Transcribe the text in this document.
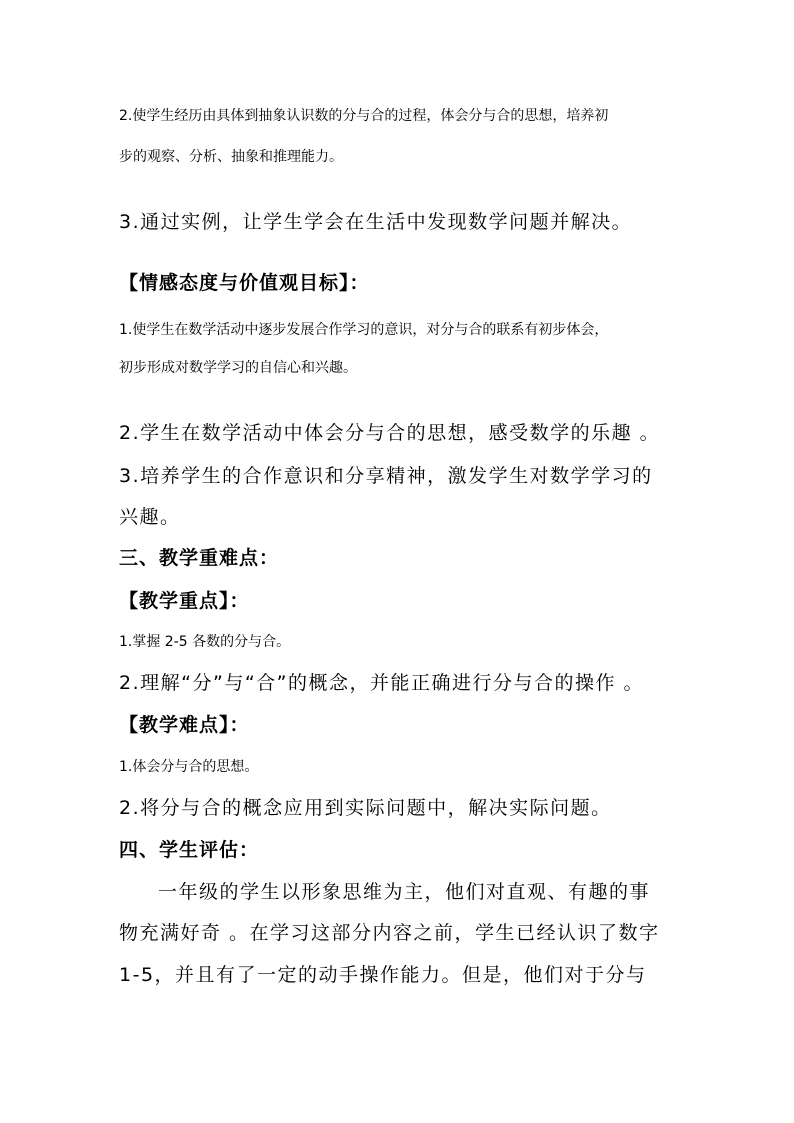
2.使学生经历由具体到抽象认识数的分与合的过程，体会分与合的思想，培养初
步的观察、分析、抽象和推理能力。
3.通过实例，让学生学会在生活中发现数学问题并解决。
【情感态度与价值观目标】：
1.使学生在数学活动中逐步发展合作学习的意识，对分与合的联系有初步体会，
初步形成对数学学习的自信心和兴趣。
2.学生在数学活动中体会分与合的思想，感受数学的乐趣 。
3.培养学生的合作意识和分享精神，激发学生对数学学习的
兴趣。
三、教学重难点：
【教学重点】：
1.掌握 2-5 各数的分与合。
2.理解“分”与“合”的概念，并能正确进行分与合的操作 。
【教学难点】：
1.体会分与合的思想。
2.将分与合的概念应用到实际问题中，解决实际问题。
四、学生评估：
一年级的学生以形象思维为主，他们对直观、有趣的事
物充满好奇 。在学习这部分内容之前，学生已经认识了数字
1-5，并且有了一定的动手操作能力。但是，他们对于分与
